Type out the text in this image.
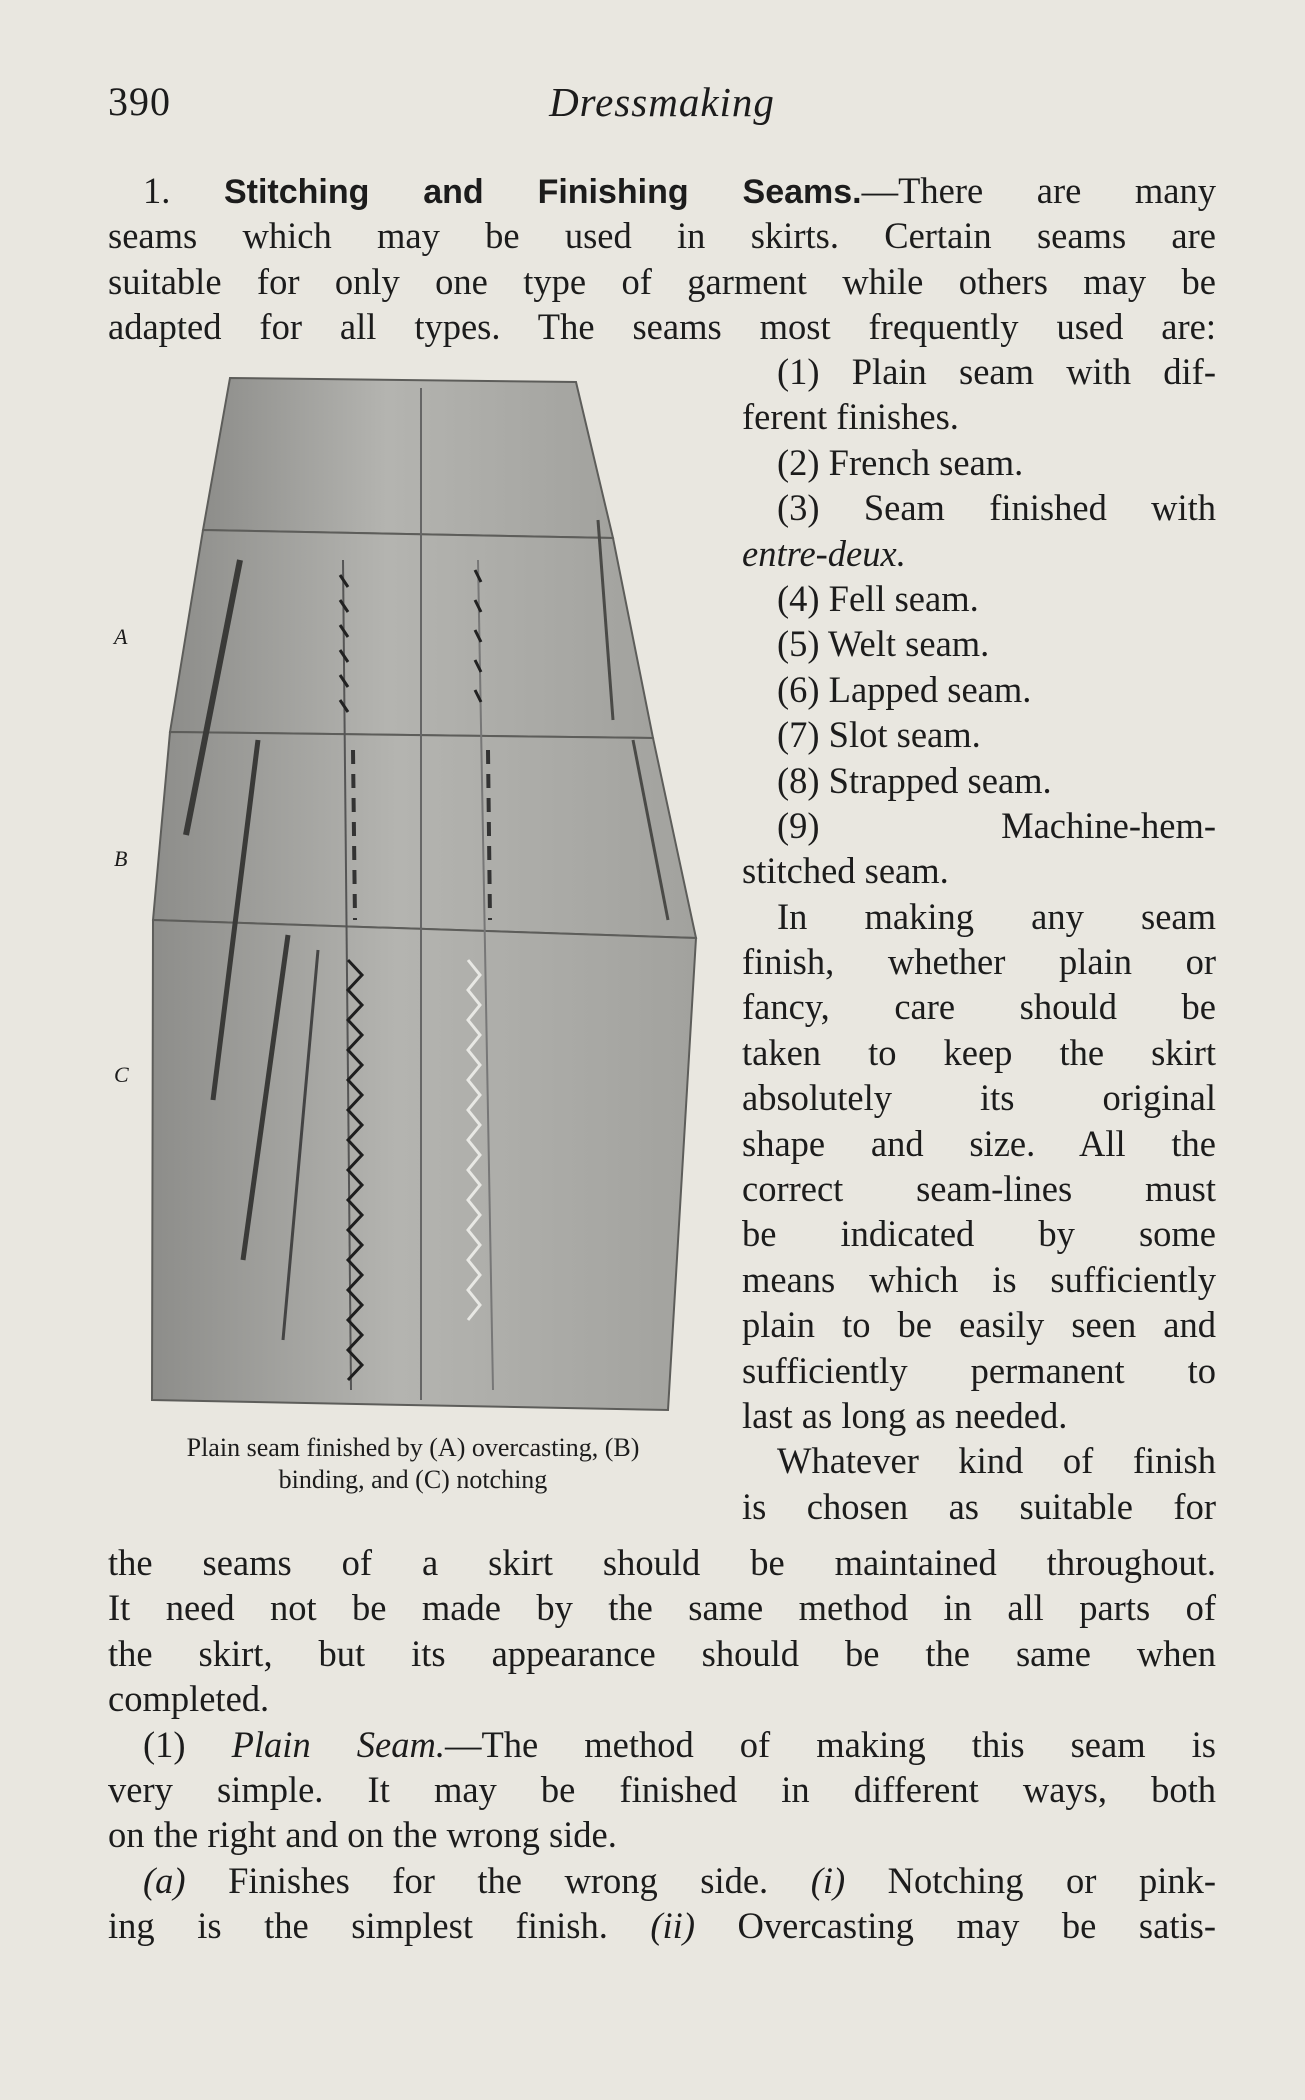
390	Dressmaking
1. Stitching and Finishing Seams.—There are many
seams which may be used in skirts. Certain seams are
suitable for only one type of garment while others may be
adapted for all types. The seams most frequently used are:
(1) Plain seam with dif-
ferent finishes.
(2) French seam.
(3) Seam finished with
entre-deux.
(4) Fell seam.
(5) Welt seam.
(6) Lapped seam.
(7) Slot seam.
(8) Strapped seam.
(9) Machine-hem-
stitched seam.
In making any seam
finish, whether plain or
fancy, care should be
taken to keep the skirt
absolutely its original
shape and size. All the
correct seam-lines must
be indicated by some
means which is sufficiently
plain to be easily seen and
sufficiently permanent to
last as long as needed.
Whatever kind of finish
is chosen as suitable for
A
B
C
Plain seam finished by (A) overcasting, (B)
binding, and (C) notching
the seams of a skirt should be maintained throughout.
It need not be made by the same method in all parts of
the skirt, but its appearance should be the same when
completed.
(1) Plain Seam.—The method of making this seam is
very simple. It may be finished in different ways, both
on the right and on the wrong side.
(a) Finishes for the wrong side. (i) Notching or pink-
ing is the simplest finish. (ii) Overcasting may be satis-
